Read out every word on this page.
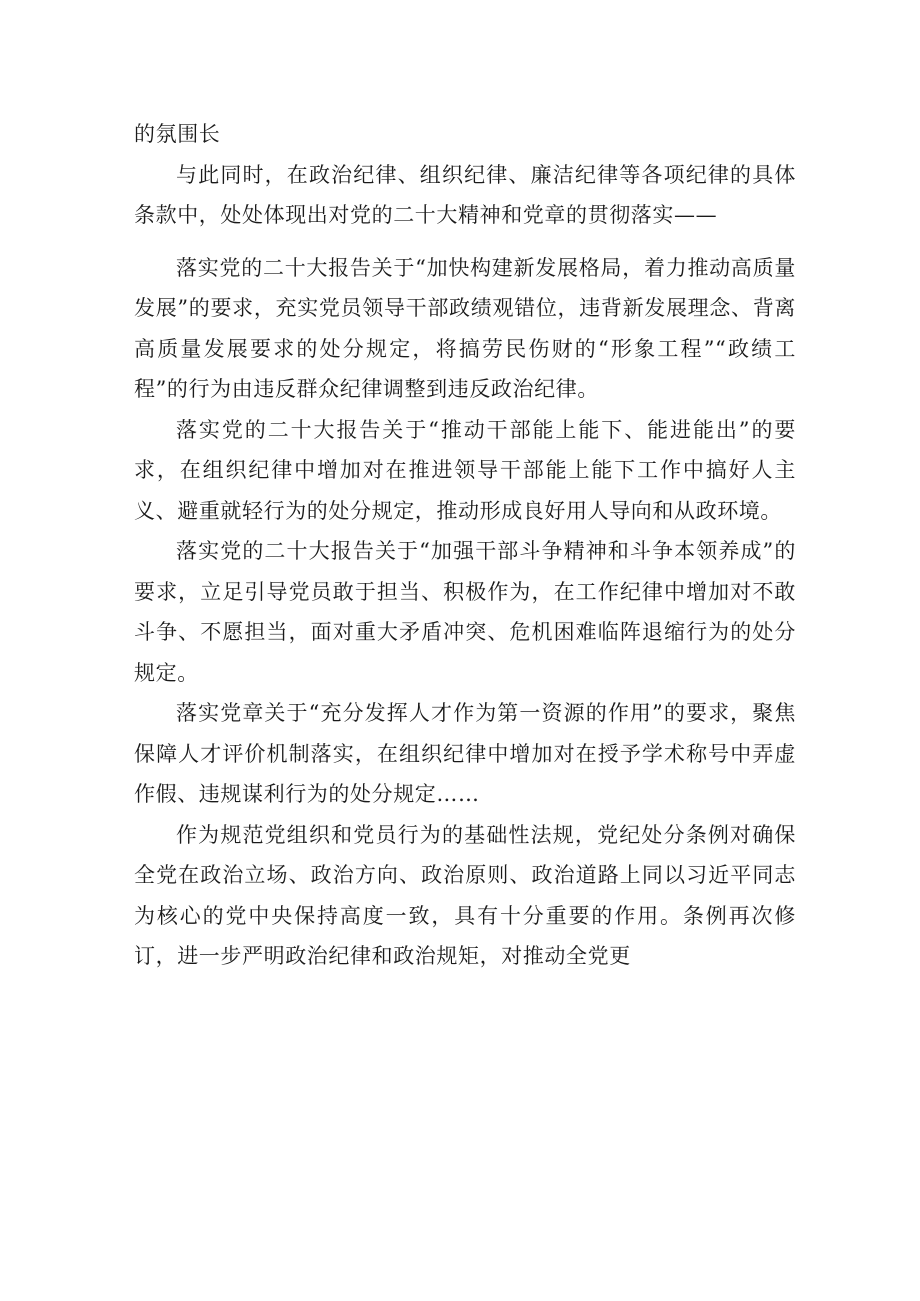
的氛围长

与此同时，在政治纪律、组织纪律、廉洁纪律等各项纪律的具体条款中，处处体现出对党的二十大精神和党章的贯彻落实——

落实党的二十大报告关于“加快构建新发展格局，着力推动高质量发展”的要求，充实党员领导干部政绩观错位，违背新发展理念、背离高质量发展要求的处分规定，将搞劳民伤财的“形象工程”“政绩工程”的行为由违反群众纪律调整到违反政治纪律。

落实党的二十大报告关于“推动干部能上能下、能进能出”的要求，在组织纪律中增加对在推进领导干部能上能下工作中搞好人主义、避重就轻行为的处分规定，推动形成良好用人导向和从政环境。

落实党的二十大报告关于“加强干部斗争精神和斗争本领养成”的要求，立足引导党员敢于担当、积极作为，在工作纪律中增加对不敢斗争、不愿担当，面对重大矛盾冲突、危机困难临阵退缩行为的处分规定。

落实党章关于“充分发挥人才作为第一资源的作用”的要求，聚焦保障人才评价机制落实，在组织纪律中增加对在授予学术称号中弄虚作假、违规谋利行为的处分规定……

作为规范党组织和党员行为的基础性法规，党纪处分条例对确保全党在政治立场、政治方向、政治原则、政治道路上同以习近平同志为核心的党中央保持高度一致，具有十分重要的作用。条例再次修订，进一步严明政治纪律和政治规矩，对推动全党更
